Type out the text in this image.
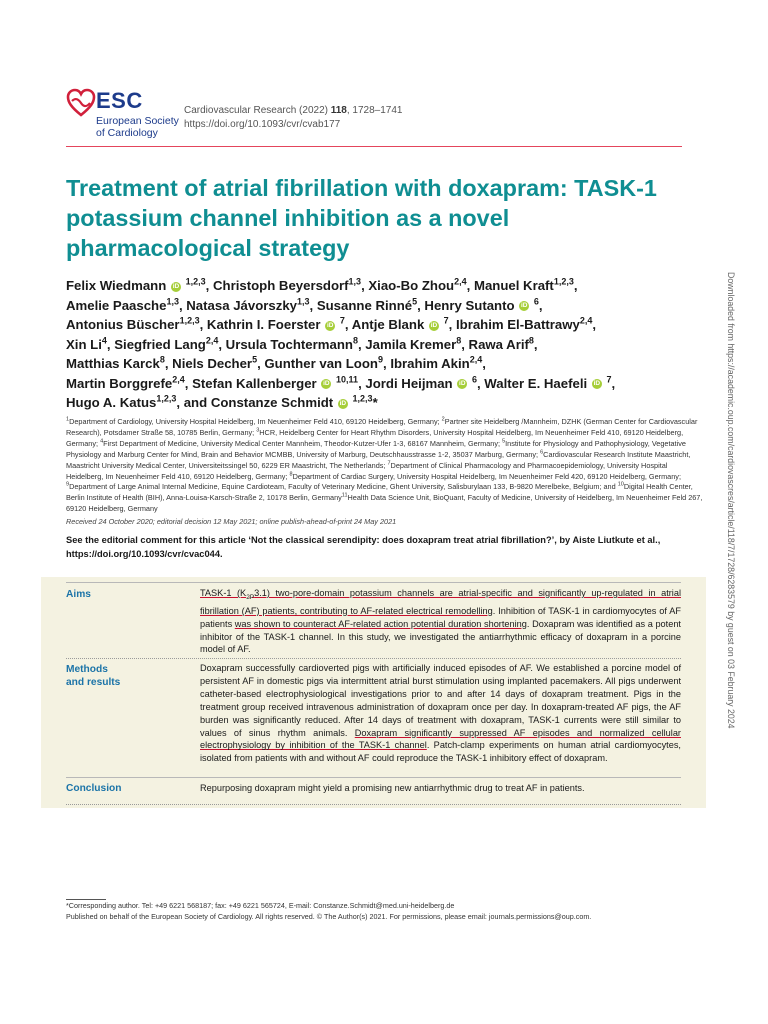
ESC
European Society
of Cardiology
Cardiovascular Research (2022) 118, 1728–1741
https://doi.org/10.1093/cvr/cvab177
Treatment of atrial fibrillation with doxapram: TASK-1 potassium channel inhibition as a novel pharmacological strategy
Felix Wiedmann iD $^{1,2,3}$, Christoph Beyersdorf$^{1,3}$, Xiao-Bo Zhou$^{2,4}$, Manuel Kraft$^{1,2,3}$,
Amelie Paasche$^{1,3}$, Natasa Jávorszky$^{1,3}$, Susanne Rinné$^5$, Henry Sutanto iD $^6$,
Antonius Büscher$^{1,2,3}$, Kathrin I. Foerster iD $^7$, Antje Blank iD $^7$, Ibrahim El-Battrawy$^{2,4}$,
Xin Li$^4$, Siegfried Lang$^{2,4}$, Ursula Tochtermann$^8$, Jamila Kremer$^8$, Rawa Arif$^8$,
Matthias Karck$^8$, Niels Decher$^5$, Gunther van Loon$^9$, Ibrahim Akin$^{2,4}$,
Martin Borggrefe$^{2,4}$, Stefan Kallenberger iD $^{10,11}$, Jordi Heijman iD $^6$, Walter E. Haefeli iD $^7$,
Hugo A. Katus$^{1,2,3}$, and Constanze Schmidt iD $^{1,2,3}$*
$^1$Department of Cardiology, University Hospital Heidelberg, Im Neuenheimer Feld 410, 69120 Heidelberg, Germany; $^2$Partner site Heidelberg /Mannheim, DZHK (German Center for Cardiovascular Research), Potsdamer Straße 58, 10785 Berlin, Germany; $^3$HCR, Heidelberg Center for Heart Rhythm Disorders, University Hospital Heidelberg, Im Neuenheimer Feld 410, 69120 Heidelberg, Germany; $^4$First Department of Medicine, University Medical Center Mannheim, Theodor-Kutzer-Ufer 1-3, 68167 Mannheim, Germany; $^5$Institute for Physiology and Pathophysiology, Vegetative Physiology and Marburg Center for Mind, Brain and Behavior MCMBB, University of Marburg, Deutschhausstrasse 1-2, 35037 Marburg, Germany; $^6$Cardiovascular Research Institute Maastricht, Maastricht University Medical Center, Universiteitssingel 50, 6229 ER Maastricht, The Netherlands; $^7$Department of Clinical Pharmacology and Pharmacoepidemiology, University Hospital Heidelberg, Im Neuenheimer Feld 410, 69120 Heidelberg, Germany; $^8$Department of Cardiac Surgery, University Hospital Heidelberg, Im Neuenheimer Feld 420, 69120 Heidelberg, Germany; $^9$Department of Large Animal Internal Medicine, Equine Cardioteam, Faculty of Veterinary Medicine, Ghent University, Salisburylaan 133, B-9820 Merelbeke, Belgium; and $^{10}$Digital Health Center, Berlin Institute of Health (BIH), Anna-Louisa-Karsch-Straße 2, 10178 Berlin, Germany$^{11}$Health Data Science Unit, BioQuant, Faculty of Medicine, University of Heidelberg, Im Neuenheimer Feld 267, 69120 Heidelberg, Germany
Received 24 October 2020; editorial decision 12 May 2021; online publish-ahead-of-print 24 May 2021
See the editorial comment for this article ‘Not the classical serendipity: does doxapram treat atrial fibrillation?’, by Aiste Liutkute et al., https://doi.org/10.1093/cvr/cvac044.
Aims	TASK-1 $(K_{2P}3.1)$ two-pore-domain potassium channels are atrial-specific and significantly up-regulated in atrial fibrillation (AF) patients, contributing to AF-related electrical remodelling. Inhibition of TASK-1 in cardiomyocytes of AF patients was shown to counteract AF-related action potential duration shortening. Doxapram was identified as a potent inhibitor of the TASK-1 channel. In this study, we investigated the antiarrhythmic efficacy of doxapram in a porcine model of AF.
Methods
and results
Doxapram successfully cardioverted pigs with artificially induced episodes of AF. We established a porcine model of persistent AF in domestic pigs via intermittent atrial burst stimulation using implanted pacemakers. All pigs underwent catheter-based electrophysiological investigations prior to and after 14 days of doxapram treatment. Pigs in the treatment group received intravenous administration of doxapram once per day. In doxapram-treated AF pigs, the AF burden was significantly reduced. After 14 days of treatment with doxapram, TASK-1 currents were still similar to values of sinus rhythm animals. Doxapram significantly suppressed AF episodes and normalized cellular electrophysiology by inhibition of the TASK-1 channel. Patch-clamp experiments on human atrial cardiomyocytes, isolated from patients with and without AF could reproduce the TASK-1 inhibitory effect of doxapram.
Conclusion	Repurposing doxapram might yield a promising new antiarrhythmic drug to treat AF in patients.
Downloaded from https://academic.oup.com/cardiovascres/article/118/7/1728/6283579 by guest on 03 February 2024
*Corresponding author. Tel: +49 6221 568187; fax: +49 6221 565724, E-mail: Constanze.Schmidt@med.uni-heidelberg.de
Published on behalf of the European Society of Cardiology. All rights reserved. © The Author(s) 2021. For permissions, please email: journals.permissions@oup.com.
